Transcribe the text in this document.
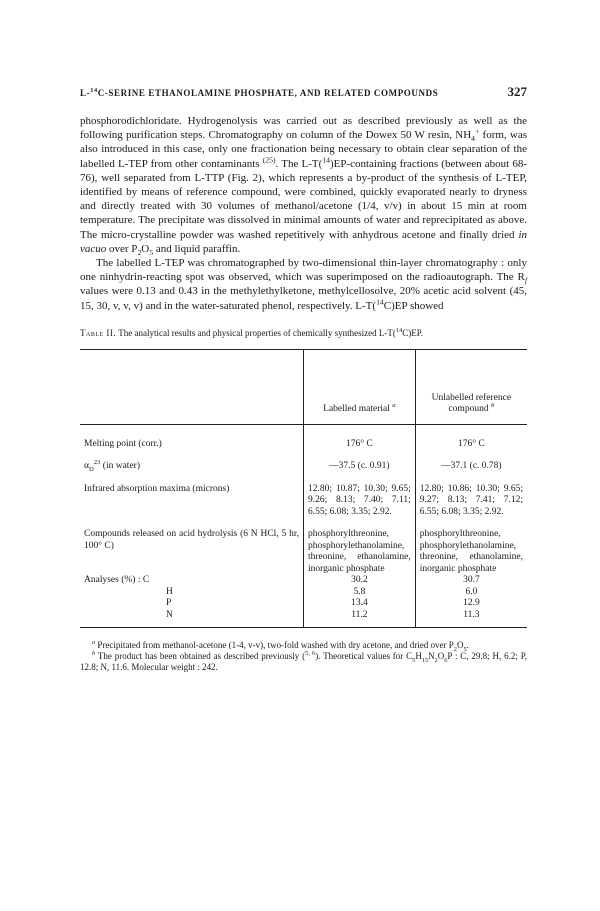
L-$^{14}$C-SERINE ETHANOLAMINE PHOSPHATE, AND RELATED COMPOUNDS	327

phosphorodichloridate. Hydrogenolysis was carried out as described previously as well as the following purification steps. Chromatography on column of the Dowex 50 W resin, $NH_4^+$ form, was also introduced in this case, only one fractionation being necessary to obtain clear separation of the labelled L-TEP from other contaminants $^{(25)}$. The L-T($^{14}$)EP-containing fractions (between about 68-76), well separated from L-TTP (Fig. 2), which represents a by-product of the synthesis of L-TEP, identified by means of reference compound, were combined, quickly evaporated nearly to dryness and directly treated with 30 volumes of methanol/acetone (1/4, v/v) in about 15 min at room temperature. The precipitate was dissolved in minimal amounts of water and reprecipitated as above. The micro-crystalline powder was washed repetitively with anhydrous acetone and finally dried in vacuo over $P_2O_5$ and liquid paraffin.

The labelled L-TEP was chromatographed by two-dimensional thin-layer chromatography : only one ninhydrin-reacting spot was observed, which was superimposed on the radioautograph. The $R_f$ values were 0.13 and 0.43 in the methylethylketone, methylcellosolve, 20% acetic acid solvent (45, 15, 30, v, v, v) and in the water-saturated phenol, respectively. L-T($^{14}$C)EP showed

Table II. The analytical results and physical properties of chemically synthesized L-T($^{14}$C)EP.
	Labelled material $^a$	Unlabelled reference
compound $^b$

Melting point (corr.)	176° C	176° C
$\alpha_D^{23}$ (in water)	—37.5 (c. 0.91)	—37.1 (c. 0.78)
Infrared absorption maxima (microns)	12.80; 10.87; 10.30; 9.65; 9.26; 8.13; 7.40; 7.11; 6.55; 6.08; 3.35; 2.92.	12.80; 10.86; 10.30; 9.65; 9.27; 8.13; 7.41; 7.12; 6.55; 6.08; 3.35; 2.92.
Compounds released on acid hydrolysis (6 N HCl, 5 hr, 100° C)	phosphorylthreonine, phosphorylethanolamine, threonine, ethanolamine, inorganic phosphate	phosphorylthreonine, phosphorylethanolamine, threonine, ethanolamine, inorganic phosphate
Analyses (%) : C	30.2	30.7
H	5.8	6.0
P	13.4	12.9
N	11.2	11.3

$^a$ Precipitated from methanol-acetone (1-4, v-v), two-fold washed with dry acetone, and dried over $P_2O_5$.

$^b$ The product has been obtained as described previously ($^{5, 6}$). Theoretical values for $C_5H_{15}N_2O_6P$ : C, 29.8; H, 6.2; P, 12.8; N, 11.6. Molecular weight : 242.
